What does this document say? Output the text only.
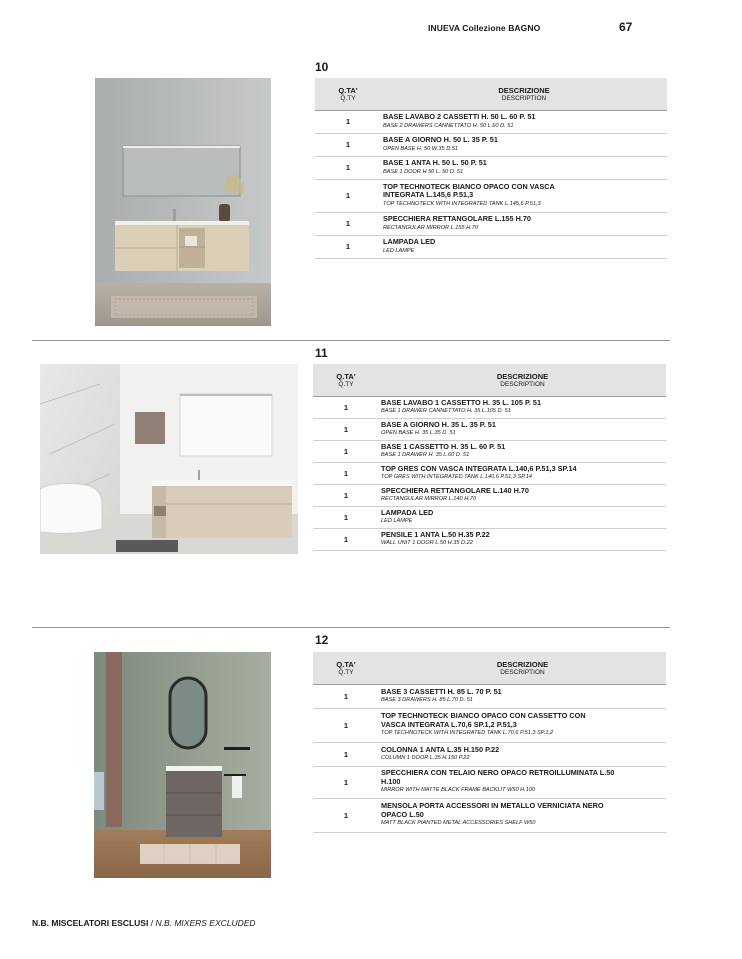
INUEVA Collezione BAGNO	67
10
Q.TA'
Q.TY	DESCRIZIONE
DESCRIPTION

1	BASE LAVABO 2 CASSETTI H. 50 L. 60 P. 51
BASE 2 DRAWERS CANNETTATO H. 50 L.60 D. 51

1	BASE A GIORNO H. 50 L. 35 P. 51
OPEN BASE H. 50 W.35 D.51

1	BASE 1 ANTA H. 50 L. 50 P. 51
BASE 1 DOOR H.50 L. 50 D. 51

1	TOP TECHNOTECK BIANCO OPACO CON VASCA INTEGRATA L.145,6 P.51,3
TOP TECHNOTECK WITH INTEGRATED TANK L.145,6 P.51,3

1	SPECCHIERA RETTANGOLARE L.155 H.70
RECTANGULAR MIRROR L.155 H.70

1	LAMPADA LED
LED LAMPE
11
Q.TA'
Q.TY	DESCRIZIONE
DESCRIPTION

1	BASE LAVABO 1 CASSETTO H. 35 L. 105 P. 51
BASE 1 DRAWER CANNETTATO H. 35 L.105 D. 51

1	BASE A GIORNO H. 35 L. 35 P. 51
OPEN BASE H. 35 L.35 D. 51

1	BASE 1 CASSETTO H. 35 L. 60 P. 51
BASE 1 DRAWER H. 35 L.60 D. 51

1	TOP GRES CON VASCA INTEGRATA L.140,6 P.51,3 SP.14
TOP GRES WITH INTEGRATED TANK L.140,6 P.51,3 SP.14

1	SPECCHIERA RETTANGOLARE L.140 H.70
RECTANGULAR MIRROR L.140 H.70

1	LAMPADA LED
LED LAMPE

1	PENSILE 1 ANTA L.50 H.35 P.22
WALL UNIT 1 DOOR L.50 H.35 D.22
12
Q.TA'
Q.TY	DESCRIZIONE
DESCRIPTION

1	BASE 3 CASSETTI H. 85 L. 70 P. 51
BASE 3 DRAWERS H. 85 L.70 D. 51

1	TOP TECHNOTECK BIANCO OPACO CON CASSETTO CON VASCA INTEGRATA L.70,6 SP.1,2 P.51,3
TOP TECHNOTECK WITH INTEGRATED TANK L.70,6 P.51,3 SP.1,2

1	COLONNA 1 ANTA L.35 H.150 P.22
COLUMN 1 DOOR L.35 H.150 P.22

1	SPECCHIERA CON TELAIO NERO OPACO RETROILLUMINATA L.50 H.100
MIRROR WITH MATTE BLACK FRAME BACKLIT W50 H.100

1	MENSOLA PORTA ACCESSORI IN METALLO VERNICIATA NERO OPACO L.50
MATT BLACK PIANTED METAL ACCESSORIES SHELF W50
N.B. MISCELATORI ESCLUSI / N.B. MIXERS EXCLUDED
